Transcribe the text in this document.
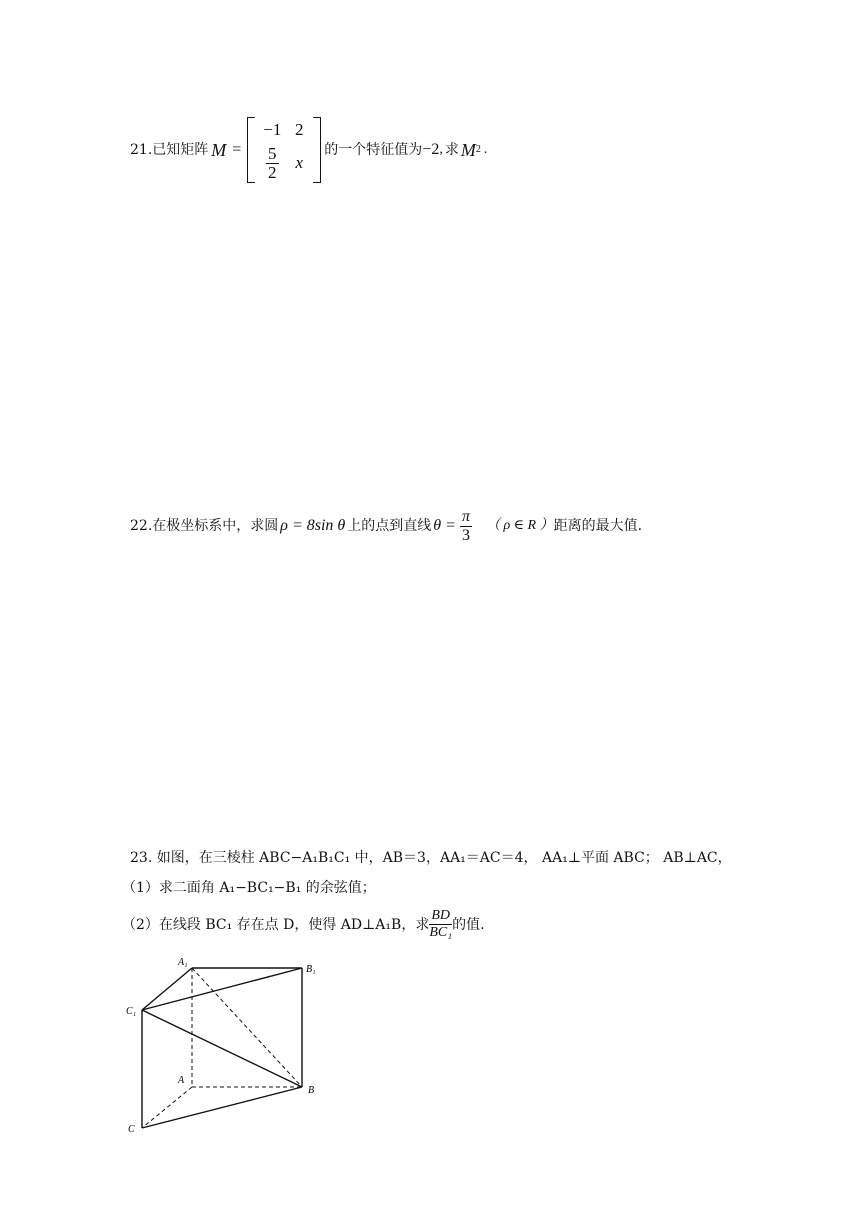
21.已知矩阵 M =
−1 2
$\frac{5}{2}$ x
的一个特征值为 −2 , 求 M 2 .
22.在极坐标系中，求圆 ρ = 8sin θ 上的点到直线 $\theta = \frac{\pi}{3}$ （ ρ ∈ R ） 距离的最大值.
23. 如图，在三棱柱 ABC−A₁B₁C₁ 中，AB＝3，AA₁＝AC＝4， AA₁⊥平面 ABC； AB⊥AC，
（1）求二面角 A₁−BC₁−B₁ 的余弦值；
（2）在线段 BC₁ 存在点 D，使得 AD⊥A₁B，求 $\frac{BD}{\text{BC₁}}$ 的值.
A₁
B₁
C₁
A
B
C
